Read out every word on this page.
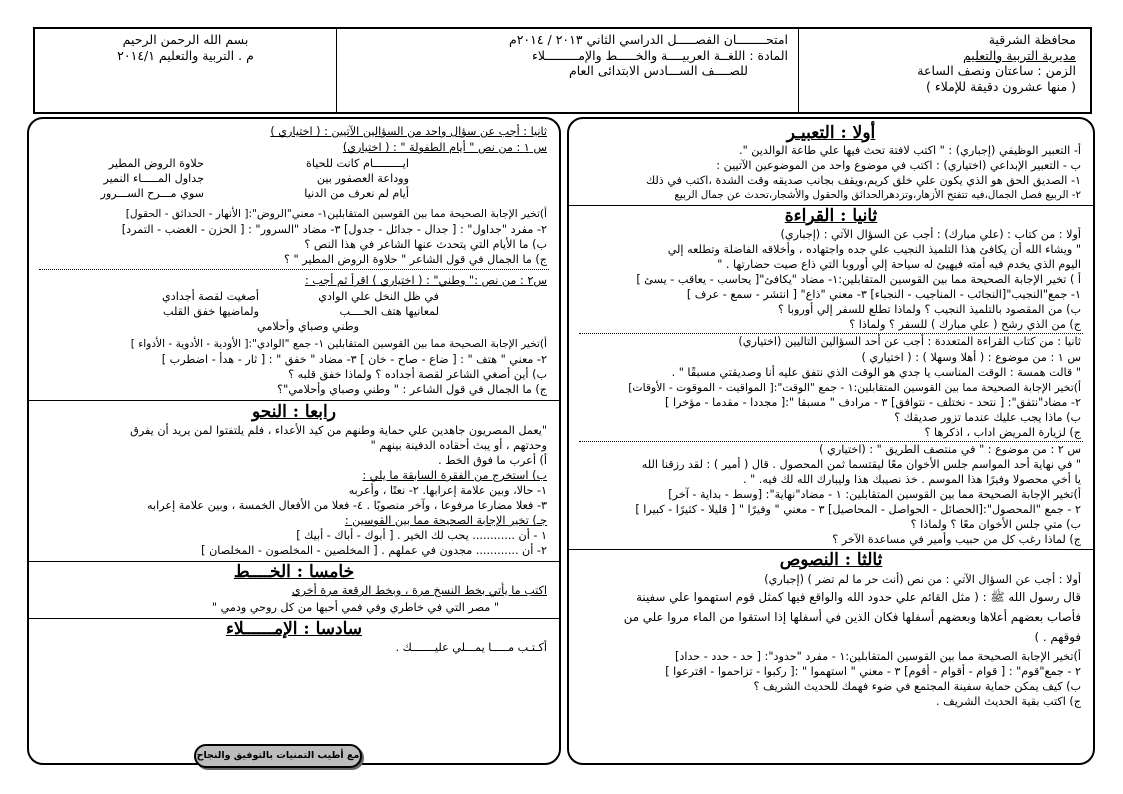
محافظة الشرقية
مديرية التربية والتعليم
الزمن : ساعتان ونصف الساعة
( منها عشرون دقيقة للإملاء )
امتحــــــــان الفصـــــل الدراسي الثاني ٢٠١٣ / ٢٠١٤م
المادة : اللغــة العربيــــة والخـــــط والإمـــــــــلاء
للصــــف الســـادس الابتدائى العام
بسم الله الرحمن الرحيم
م . التربية والتعليم ٢٠١٤/١
أولا : التعبيـر
أ- التعبير الوظيفي (إجباري) : " اكتب لافتة تحث فيها علي طاعة الوالدين ".
ب - التعبير الإبداعي (اختياري) : اكتب في موضوع واحد من الموضوعين الآتيين :
١- الصديق الحق هو الذي يكون علي خلق كريم،ويقف بجانب صديقه وقت الشدة ،اكتب في ذلك
٢- الربيع فصل الجمال،فيه تتفتح الأزهار،وتزدهرالحدائق والحقول والأشجار،تحدث عن جمال الربيع
ثانيا : القراءة
أولا : من كتاب : (علي مبارك) : أجب عن السؤال الآتي : (إجباري)
" ويشاء الله أن يكافئ هذا التلميذ النجيب علي جده واجتهاده ، وأخلاقه الفاضلة وتطلعه إلي
اليوم الذي يخدم فيه أمته فيهيئ له سياحة إلي أوروبا التي ذاع صيت حضارتها . "
أ ) تخير الإجابة الصحيحة مما بين القوسين المتقابلين:١- مضاد "يكافئ"[ يحاسب - يعاقب - يسئ ]
١- جمع"النجيب"[النجائب - المناجيب - النجباء] ٣- معني "ذاع" [ انتشر - سمع - عرف ]
ب) من المقصود بالتلميذ النجيب ؟ ولماذا تطلع للسفر إلي أوروبا ؟
ج) من الذي رشح ( علي مبارك ) للسفر ؟ ولماذا ؟
ثانيا : من كتاب القراءة المتعددة : أجب عن أحد السؤالين التاليين (اختياري)
س ١ : من موضوع : ( أهلا وسهلا ) : ( اختياري )
" قالت همسة : الوقت المناسب يا جدي هو الوقت الذي نتفق عليه أنا وصديقتي مسبقًا " .
أ)تخير الإجابة الصحيحة مما بين القوسين المتقابلين:١ - جمع "الوقت":[ المواقيت - الموقوت - الأوقات]
٢- مضاد"نتفق": [ نتحد - نختلف - نتوافق] ٣ - مرادف " مسبقا ":[ مجددا - مقدما - مؤخرا ]
ب) ماذا يجب عليك عندما تزور صديقك ؟
ج) لزيارة المريض اداب ، اذكرها ؟
س ٢ : من موضوع : " في منتصف الطريق " : (اختياري )
" في نهاية أحد المواسم جلس الأخوان معًا ليقتسما ثمن المحصول . قال ( أمير ) : لقد رزقنا الله
يا أخي محصولا وفيرًا هذا الموسم . خذ نصيبك هذا وليبارك الله لك فيه. " .
أ)تخير الإجابة الصحيحة مما بين القوسين المتقابلين: ١ - مضاد"نهاية": [وسط - بداية - آخر]
٢ - جمع "المحصول":[الحصائل - الحواصل - المحاصيل] ٣ - معني " وفيرًا " [ قليلا - كثيرًا - كبيرا ]
ب) متي جلس الأخوان معًا ؟ ولماذا ؟
ج) لماذا رغب كل من حبيب وأمير في مساعدة الآخر ؟
ثالثا : النصوص
أولا : أجب عن السؤال الآتي : من نص (أنت حر ما لم تضر ) (إجباري)
قال رسول الله ﷺ : ( مثل القائم علي حدود الله والواقع فيها كمثل قوم استهموا علي سفينة
فأصاب بعضهم أعلاها وبعضهم أسفلها فكان الذين في أسفلها إذا استقوا من الماء مروا علي من
فوقهم . )
أ)تخير الإجابة الصحيحة مما بين القوسين المتقابلين:١ - مفرد "حدود": [ حد - حدد - حداد]
٢ - جمع"قوم" : [ قوام - أقوام - أقوم] ٣ - معني " استهموا " :[ ركبوا - تزاحموا - اقترعوا ]
ب) كيف يمكن حماية سفينة المجتمع في ضوء فهمك للحديث الشريف ؟
ج) اكتب بقية الحديث الشريف .
ثانيا : أجب عن سؤال واحد من السؤالين الآتيين : ( اختياري )
س ١ : من نص " أيام الطفولة " : ( اختياري)
ايـــــــــام كانت للحياة
حلاوة الروض المطير
ووداعة العصفور بين
جداول المـــــاء النمير
أيام لم نعرف من الدنيا
سوي مـــرح الســـرور
أ)تخير الإجابة الصحيحة مما بين القوسين المتقابلين١- معني"الروض":[ الأنهار - الحدائق - الحقول]
٢- مفرد "جداول" : [ جدال - جدائل - جدول] ٣- مضاد "السرور" : [ الحزن - الغضب - التمرد]
ب) ما الأيام التي يتحدث عنها الشاعر في هذا النص ؟
ج) ما الجمال في قول الشاعر " حلاوة الروض المطير " ؟
س٢ : من نص :" وطني" : ( اختياري ) اقرأ ثم أجب :
في ظل النخل علي الوادي
أصغيت لقصة أجدادي
لمعانيها هتف الحــــب
ولماضيها خفق القلب
وطني وصباي وأحلامي
أ)تخير الإجابة الصحيحة مما بين القوسين المتقابلين ١- جمع "الوادي":[ الأودية - الأدوية - الأدواء ]
٢- معني " هتف " : [ ضاع - صاح - خان ] ٣- مضاد " خفق " : [ ثار - هدأ - اضطرب ]
ب) أين أصغي الشاعر لقصة أجداده ؟ ولماذا خفق قلبه ؟
ج) ما الجمال في قول الشاعر : " وطني وصباي وأحلامي"؟
رابعا : النحو
"يعمل المصريون جاهدين علي حماية وطنهم من كيد الأعداء ، فلم يلتفتوا لمن يريد أن يفرق
وحدتهم ، أو يبث أحقاده الدفينة بينهم "
أ) أعرب ما فوق الخط .
ب) استخرج من الفقرة السابقة ما يلي :
١- حالا، وبين علامة إعرابها. ٢- نعتًا ، وأعربه
٣- فعلا مضارعا مرفوعا ، وآخر منصوبًا . ٤- فعلا من الأفعال الخمسة ، وبين علامة إعرابه
جـ) تخير الإجابة الصحيحة مما بين القوسين :
١ - أن ............ يحب لك الخير . [ أبوك - أباك - أبيك ]
٢- أن ............ مجدون في عملهم . [ المخلصين - المخلصون - المخلصان ]
خامسا : الخــــط
اكتب ما يأتي بخط النسخ مرة ، وبخط الرقعة مرة أخري
" مصر التي في خاطري وفي فمي أحبها من كل روحي ودمي "
سادسا : الإمــــــلاء
أكـتـب مـــــا يمـــلي عليـــــــك .
مع أطيب التمنيات بالتوفيق والنجاح
